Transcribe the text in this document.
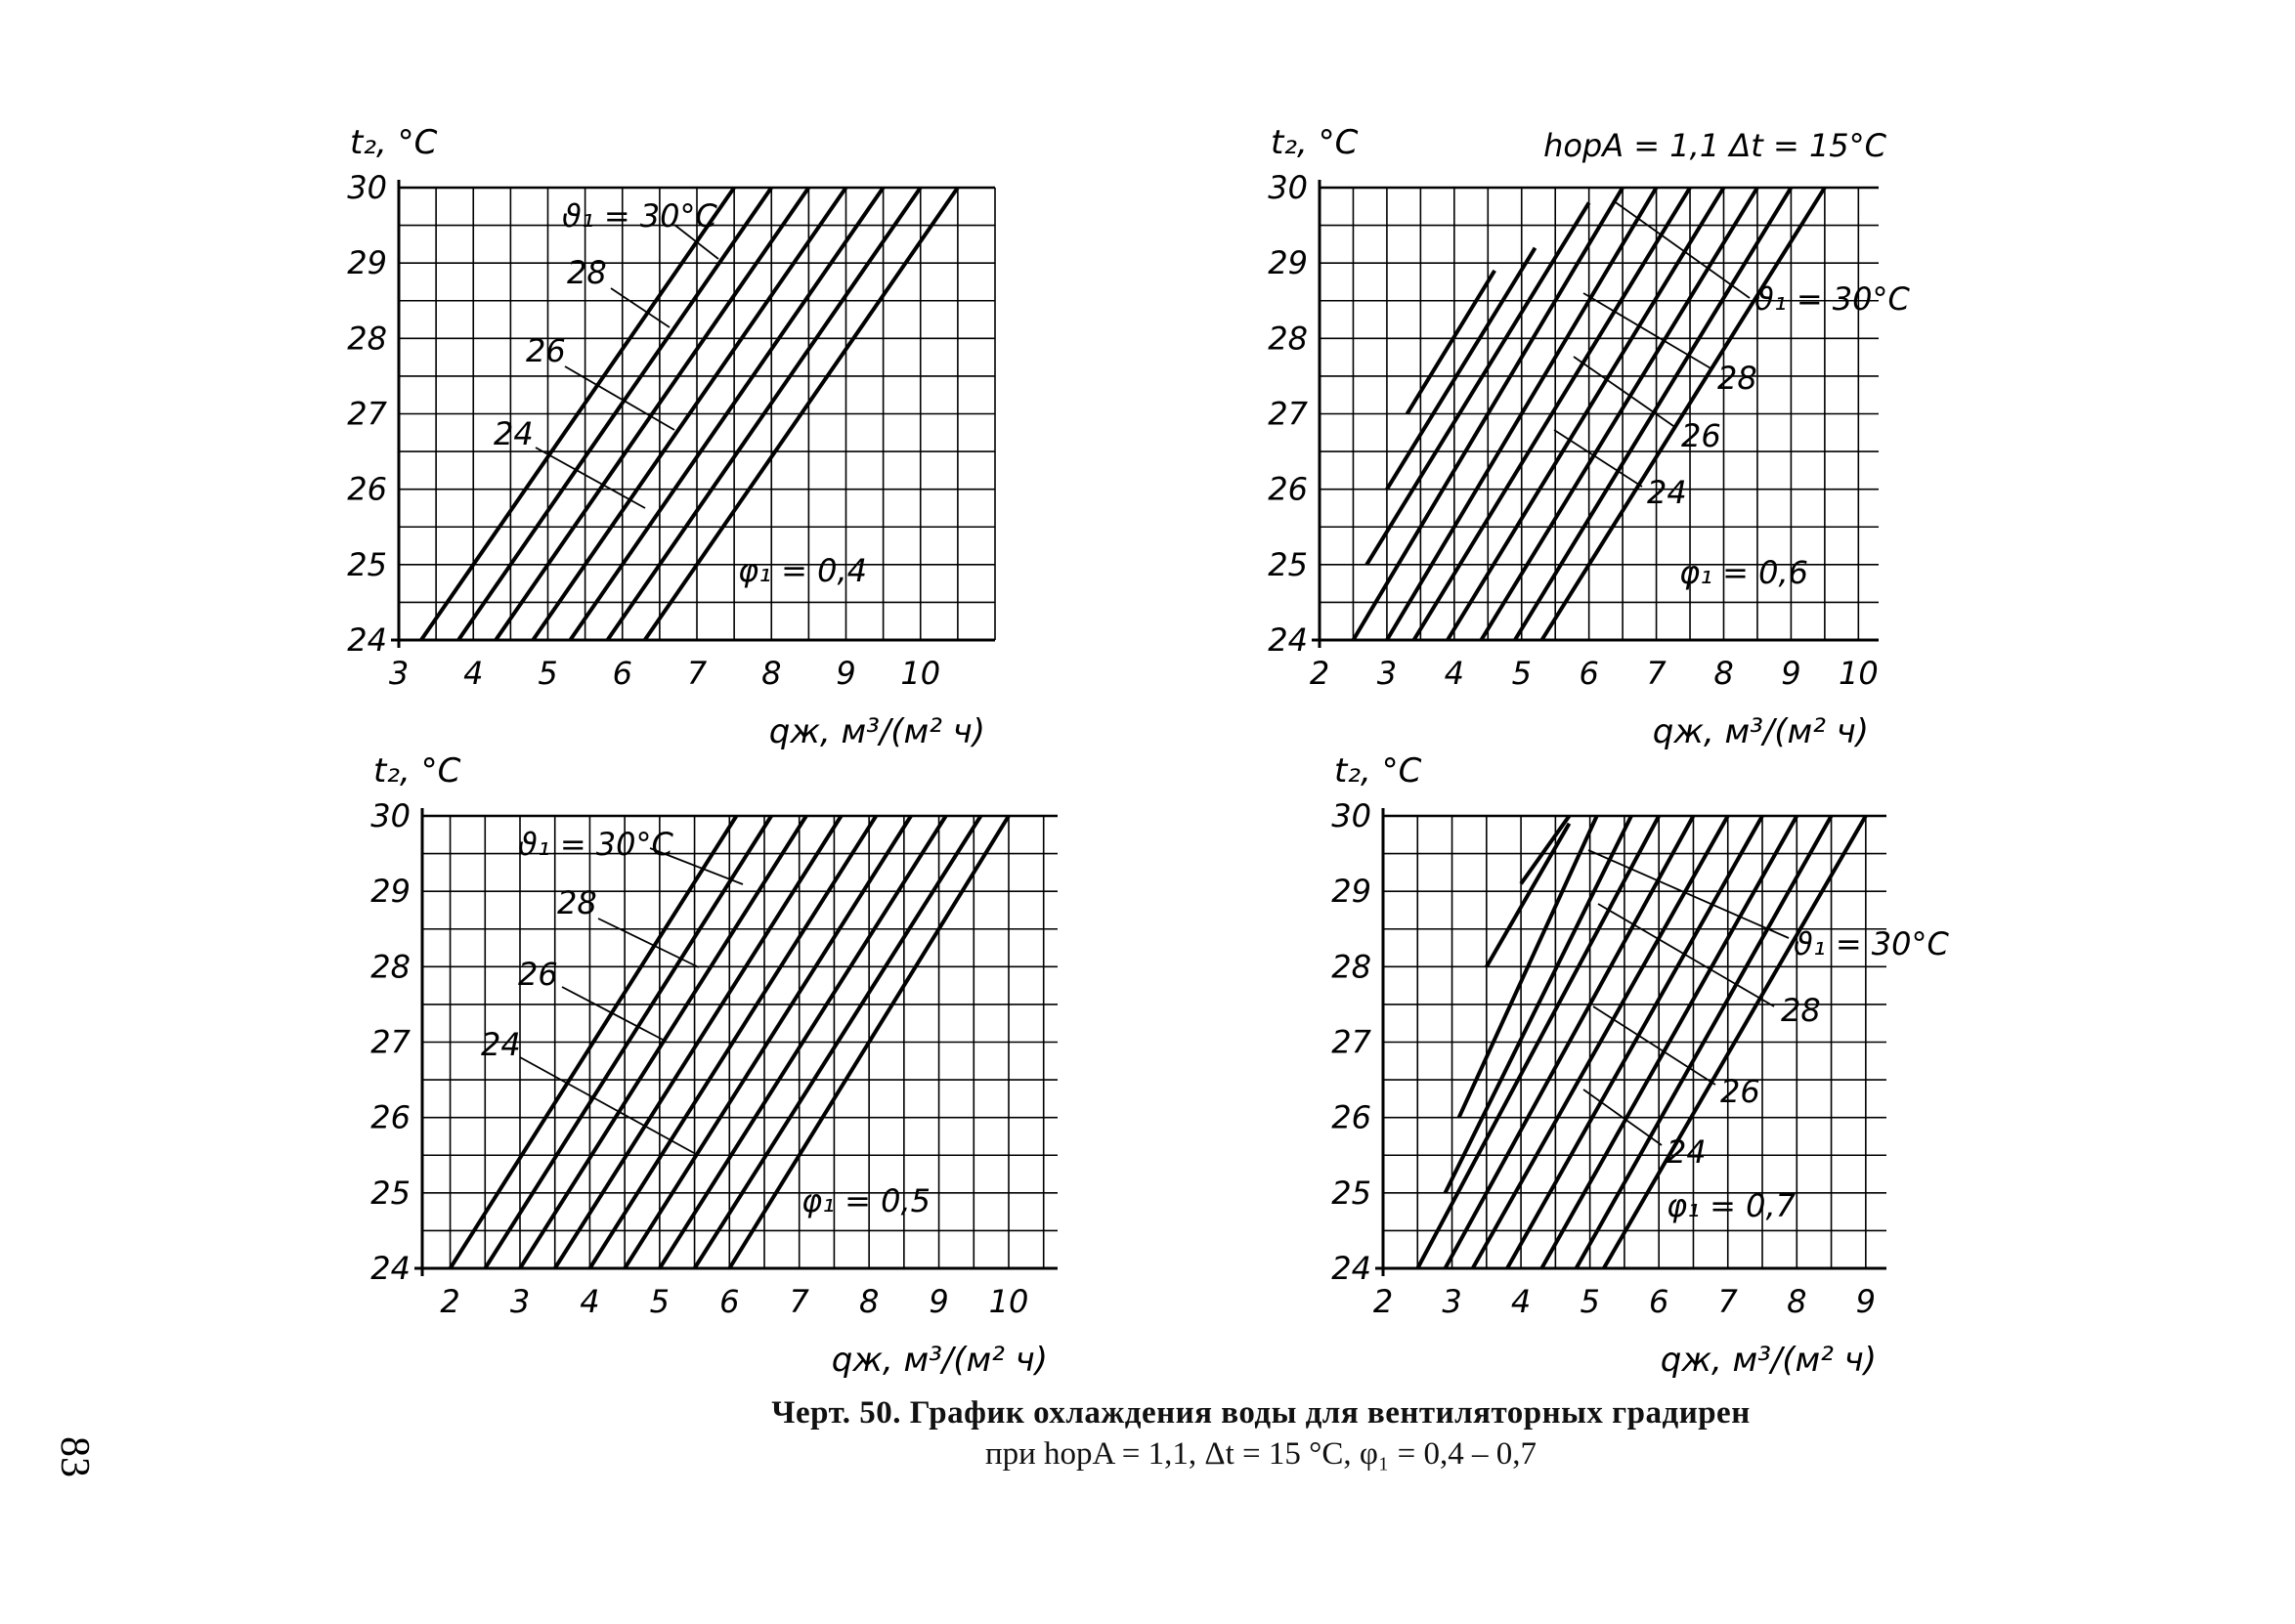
3 4 5 6 7 8 9 10
24
25
26
27
28
29
30
t₂, °C
qж, м³/(м² ч)
ϑ₁ = 30°C
28
26
24
φ₁ = 0,4
2 3 4 5 6 7 8 9 10
24
25
26
27
28
29
30
t₂, °C
qж, м³/(м² ч)
ϑ₁ = 30°C
28
26
24
φ₁ = 0,6
2 3 4 5 6 7 8 9 10
24
25
26
27
28
29
30
t₂, °C
qж, м³/(м² ч)
ϑ₁ = 30°C
28
26
24
φ₁ = 0,5
2 3 4 5 6 7 8 9
24
25
26
27
28
29
30
t₂, °C
qж, м³/(м² ч)
ϑ₁ = 30°C
28
26
24
φ₁ = 0,7
hорA = 1,1 Δt = 15°C
Черт. 50. График охлаждения воды для вентиляторных градирен
при hорA = 1,1, Δt = 15 °C, φ₁ = 0,4 – 0,7
83
